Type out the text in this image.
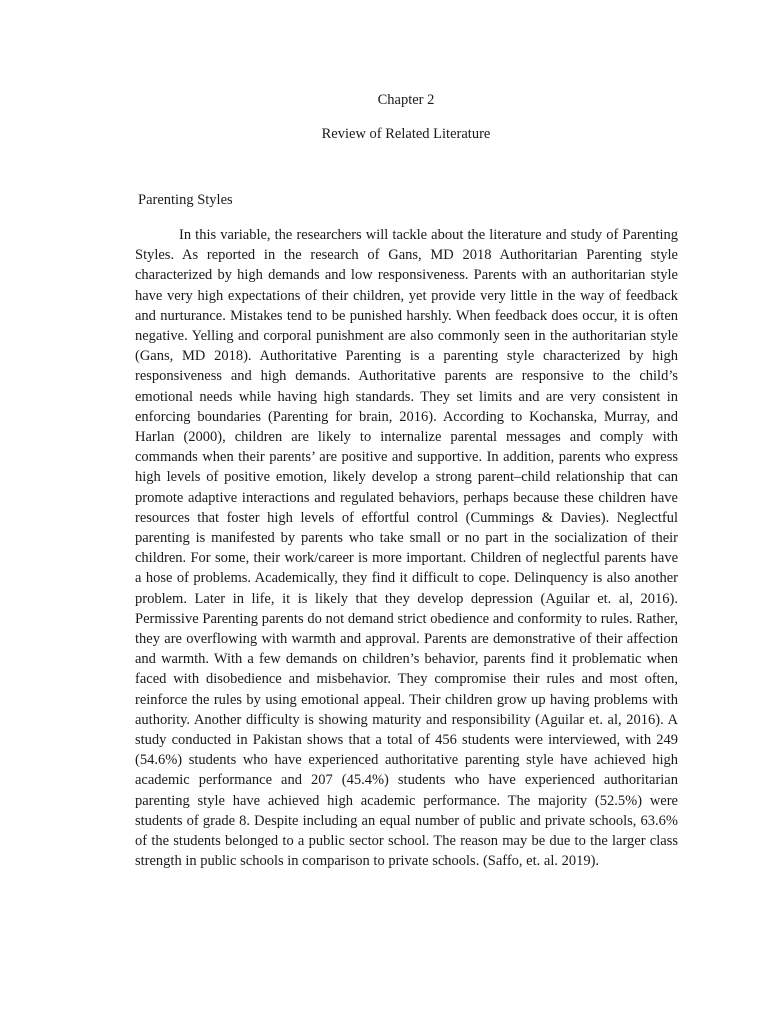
Chapter 2
Review of Related Literature
Parenting Styles

In this variable, the researchers will tackle about the literature and study of Parenting Styles. As reported in the research of Gans, MD 2018 Authoritarian Parenting style characterized by high demands and low responsiveness. Parents with an authoritarian style have very high expectations of their children, yet provide very little in the way of feedback and nurturance. Mistakes tend to be punished harshly. When feedback does occur, it is often negative. Yelling and corporal punishment are also commonly seen in the authoritarian style (Gans, MD 2018). Authoritative Parenting is a parenting style characterized by high responsiveness and high demands. Authoritative parents are responsive to the child’s emotional needs while having high standards. They set limits and are very consistent in enforcing boundaries (Parenting for brain, 2016). According to Kochanska, Murray, and Harlan (2000), children are likely to internalize parental messages and comply with commands when their parents’ are positive and supportive. In addition, parents who express high levels of positive emotion, likely develop a strong parent–child relationship that can promote adaptive interactions and regulated behaviors, perhaps because these children have resources that foster high levels of effortful control (Cummings & Davies). Neglectful parenting is manifested by parents who take small or no part in the socialization of their children. For some, their work/career is more important. Children of neglectful parents have a hose of problems. Academically, they find it difficult to cope. Delinquency is also another problem. Later in life, it is likely that they develop depression (Aguilar et. al, 2016). Permissive Parenting parents do not demand strict obedience and conformity to rules. Rather, they are overflowing with warmth and approval. Parents are demonstrative of their affection and warmth. With a few demands on children’s behavior, parents find it problematic when faced with disobedience and misbehavior. They compromise their rules and most often, reinforce the rules by using emotional appeal. Their children grow up having problems with authority. Another difficulty is showing maturity and responsibility (Aguilar et. al, 2016). A study conducted in Pakistan shows that a total of 456 students were interviewed, with 249 (54.6%) students who have experienced authoritative parenting style have achieved high academic performance and 207 (45.4%) students who have experienced authoritarian parenting style have achieved high academic performance. The majority (52.5%) were students of grade 8. Despite including an equal number of public and private schools, 63.6% of the students belonged to a public sector school. The reason may be due to the larger class strength in public schools in comparison to private schools. (Saffo, et. al. 2019).
